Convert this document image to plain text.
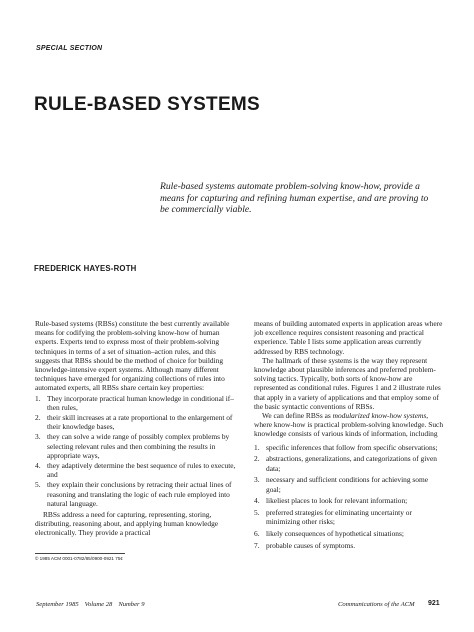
SPECIAL SECTION
RULE-BASED SYSTEMS
Rule-based systems automate problem-solving know-how, provide a means for capturing and refining human expertise, and are proving to be commercially viable.
FREDERICK HAYES-ROTH

Rule-based systems (RBSs) constitute the best currently available means for codifying the problem-solving know-how of human experts. Experts tend to express most of their problem-solving techniques in terms of a set of situation–action rules, and this suggests that RBSs should be the method of choice for building knowledge-intensive expert systems. Although many different techniques have emerged for organizing collections of rules into automated experts, all RBSs share certain key properties:

1. They incorporate practical human knowledge in conditional if–then rules,
2. their skill increases at a rate proportional to the enlargement of their knowledge bases,
3. they can solve a wide range of possibly complex problems by selecting relevant rules and then combining the results in appropriate ways,
4. they adaptively determine the best sequence of rules to execute, and
5. they explain their conclusions by retracing their actual lines of reasoning and translating the logic of each rule employed into natural language.

RBSs address a need for capturing, representing, storing, distributing, reasoning about, and applying human knowledge electronically. They provide a practical

© 1985 ACM 0001-0782/85/0900-0921 75¢

means of building automated experts in application areas where job excellence requires consistent reasoning and practical experience. Table I lists some application areas currently addressed by RBS technology.

The hallmark of these systems is the way they represent knowledge about plausible inferences and preferred problem-solving tactics. Typically, both sorts of know-how are represented as conditional rules. Figures 1 and 2 illustrate rules that apply in a variety of applications and that employ some of the basic syntactic conventions of RBSs.

We can define RBSs as modularized know-how systems, where know-how is practical problem-solving knowledge. Such knowledge consists of various kinds of information, including

1. specific inferences that follow from specific observations;
2. abstractions, generalizations, and categorizations of given data;
3. necessary and sufficient conditions for achieving some goal;
4. likeliest places to look for relevant information;
5. preferred strategies for eliminating uncertainty or minimizing other risks;
6. likely consequences of hypothetical situations;
7. probable causes of symptoms.
September 1985 Volume 28 Number 9	Communications of the ACM 921
